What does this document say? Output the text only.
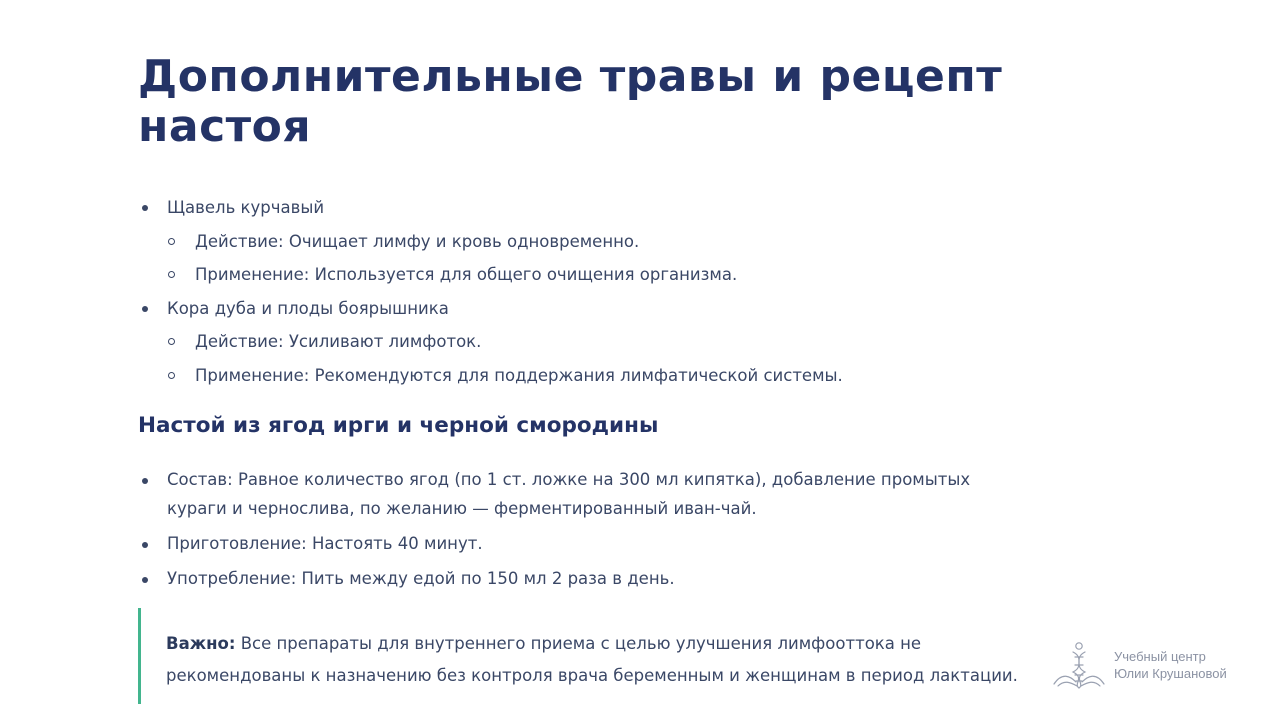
Дополнительные травы и рецепт настоя
Щавель курчавый
Действие: Очищает лимфу и кровь одновременно.
Применение: Используется для общего очищения организма.
Кора дуба и плоды боярышника
Действие: Усиливают лимфоток.
Применение: Рекомендуются для поддержания лимфатической системы.
Настой из ягод ирги и черной смородины
Состав: Равное количество ягод (по 1 ст. ложке на 300 мл кипятка), добавление промытых кураги и чернослива, по желанию — ферментированный иван-чай.
Приготовление: Настоять 40 минут.
Употребление: Пить между едой по 150 мл 2 раза в день.
Важно: Все препараты для внутреннего приема с целью улучшения лимфооттока не рекомендованы к назначению без контроля врача беременным и женщинам в период лактации.
Учебный центр
Юлии Крушановой
